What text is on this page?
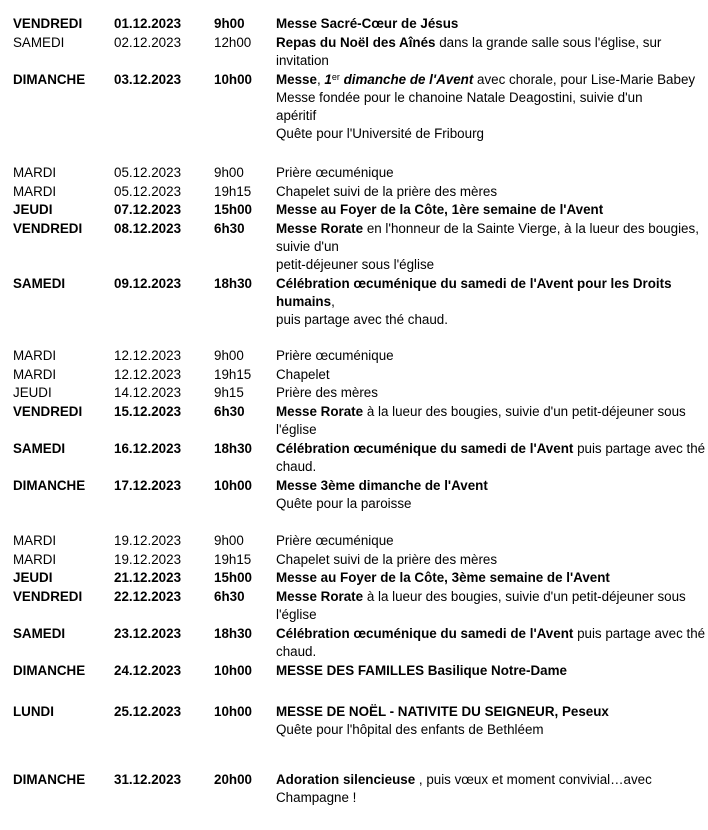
VENDREDI 01.12.2023 9h00 Messe Sacré-Cœur de Jésus
SAMEDI	02.12.2023 12h00 Repas du Noël des Aînés dans la grande salle sous l'église, sur
invitation
DIMANCHE 03.12.2023 10h00 Messe, 1er dimanche de l'Avent avec chorale, pour Lise-Marie Babey
Messe fondée pour le chanoine Natale Deagostini, suivie d'un
apéritif
Quête pour l'Université de Fribourg
MARDI	05.12.2023 9h00 Prière œcuménique
MARDI	05.12.2023 19h15 Chapelet suivi de la prière des mères
JEUDI	07.12.2023 15h00 Messe au Foyer de la Côte, 1ère semaine de l'Avent
VENDREDI 08.12.2023 6h30 Messe Rorate en l'honneur de la Sainte Vierge, à la lueur des bougies,
suivie d'un
petit-déjeuner sous l'église
SAMEDI	09.12.2023 18h30 Célébration œcuménique du samedi de l'Avent pour les Droits
humains,
puis partage avec thé chaud.
MARDI	12.12.2023 9h00 Prière œcuménique
MARDI	12.12.2023 19h15 Chapelet
JEUDI	14.12.2023 9h15 Prière des mères
VENDREDI 15.12.2023 6h30 Messe Rorate à la lueur des bougies, suivie d'un petit-déjeuner sous
l'église
SAMEDI	16.12.2023 18h30 Célébration œcuménique du samedi de l'Avent puis partage avec thé
chaud.
DIMANCHE 17.12.2023 10h00 Messe 3ème dimanche de l'Avent
Quête pour la paroisse
MARDI	19.12.2023 9h00 Prière œcuménique
MARDI	19.12.2023 19h15 Chapelet suivi de la prière des mères
JEUDI	21.12.2023 15h00 Messe au Foyer de la Côte, 3ème semaine de l'Avent
VENDREDI 22.12.2023 6h30 Messe Rorate à la lueur des bougies, suivie d'un petit-déjeuner sous
l'église
SAMEDI	23.12.2023 18h30 Célébration œcuménique du samedi de l'Avent puis partage avec thé
chaud.
DIMANCHE 24.12.2023 10h00 MESSE DES FAMILLES Basilique Notre-Dame
LUNDI	25.12.2023 10h00 MESSE DE NOËL - NATIVITE DU SEIGNEUR, Peseux
Quête pour l'hôpital des enfants de Bethléem
DIMANCHE 31.12.2023 20h00 Adoration silencieuse , puis vœux et moment convivial…avec
Champagne !
